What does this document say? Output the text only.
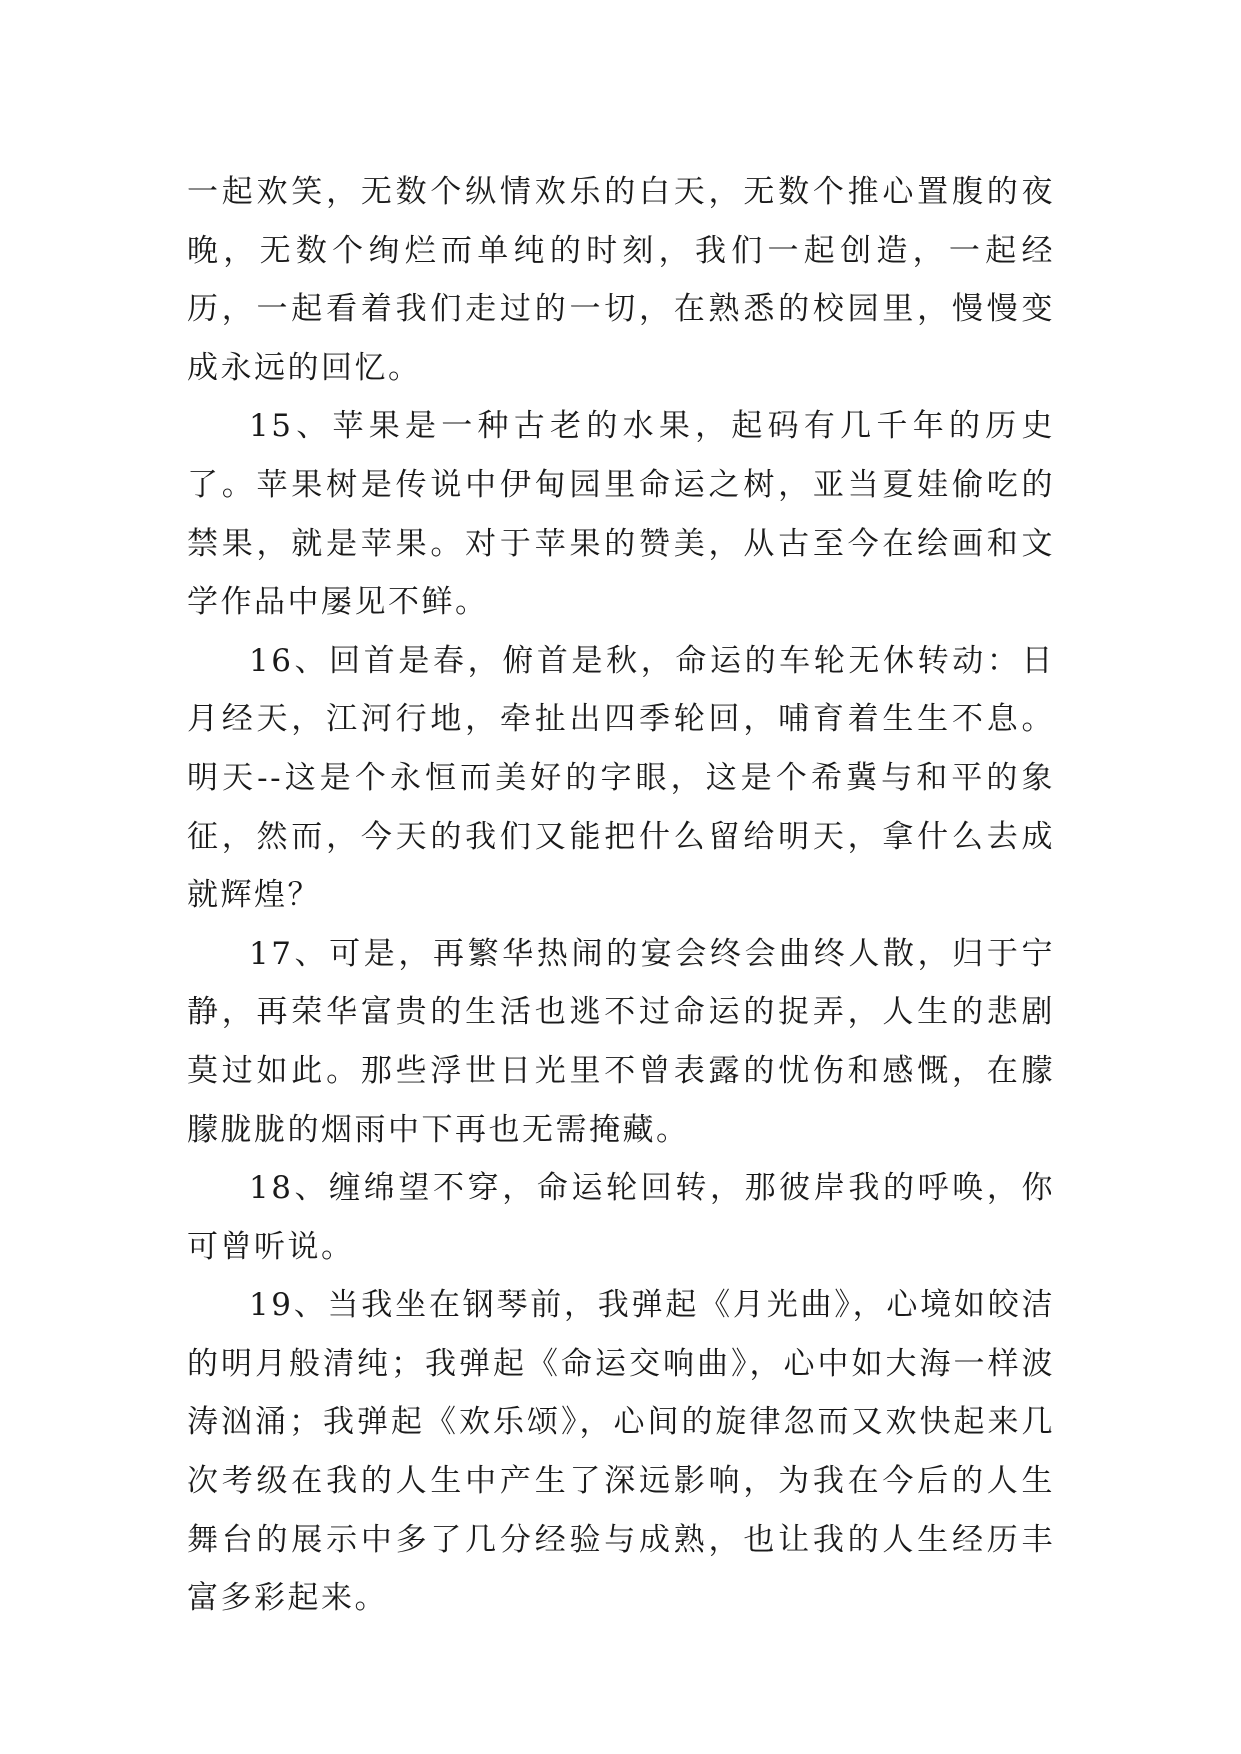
一起欢笑，无数个纵情欢乐的白天，无数个推心置腹的夜晚，无数个绚烂而单纯的时刻，我们一起创造，一起经历，一起看着我们走过的一切，在熟悉的校园里，慢慢变成永远的回忆。

15、苹果是一种古老的水果，起码有几千年的历史了。苹果树是传说中伊甸园里命运之树，亚当夏娃偷吃的禁果，就是苹果。对于苹果的赞美，从古至今在绘画和文学作品中屡见不鲜。

16、回首是春，俯首是秋，命运的车轮无休转动：日月经天，江河行地，牵扯出四季轮回，哺育着生生不息。明天--这是个永恒而美好的字眼，这是个希冀与和平的象征，然而，今天的我们又能把什么留给明天，拿什么去成就辉煌？

17、可是，再繁华热闹的宴会终会曲终人散，归于宁静，再荣华富贵的生活也逃不过命运的捉弄，人生的悲剧莫过如此。那些浮世日光里不曾表露的忧伤和感慨，在朦朦胧胧的烟雨中下再也无需掩藏。

18、缠绵望不穿，命运轮回转，那彼岸我的呼唤，你可曾听说。

19、当我坐在钢琴前，我弹起《月光曲》，心境如皎洁的明月般清纯；我弹起《命运交响曲》，心中如大海一样波涛汹涌；我弹起《欢乐颂》，心间的旋律忽而又欢快起来几次考级在我的人生中产生了深远影响，为我在今后的人生舞台的展示中多了几分经验与成熟，也让我的人生经历丰富多彩起来。
